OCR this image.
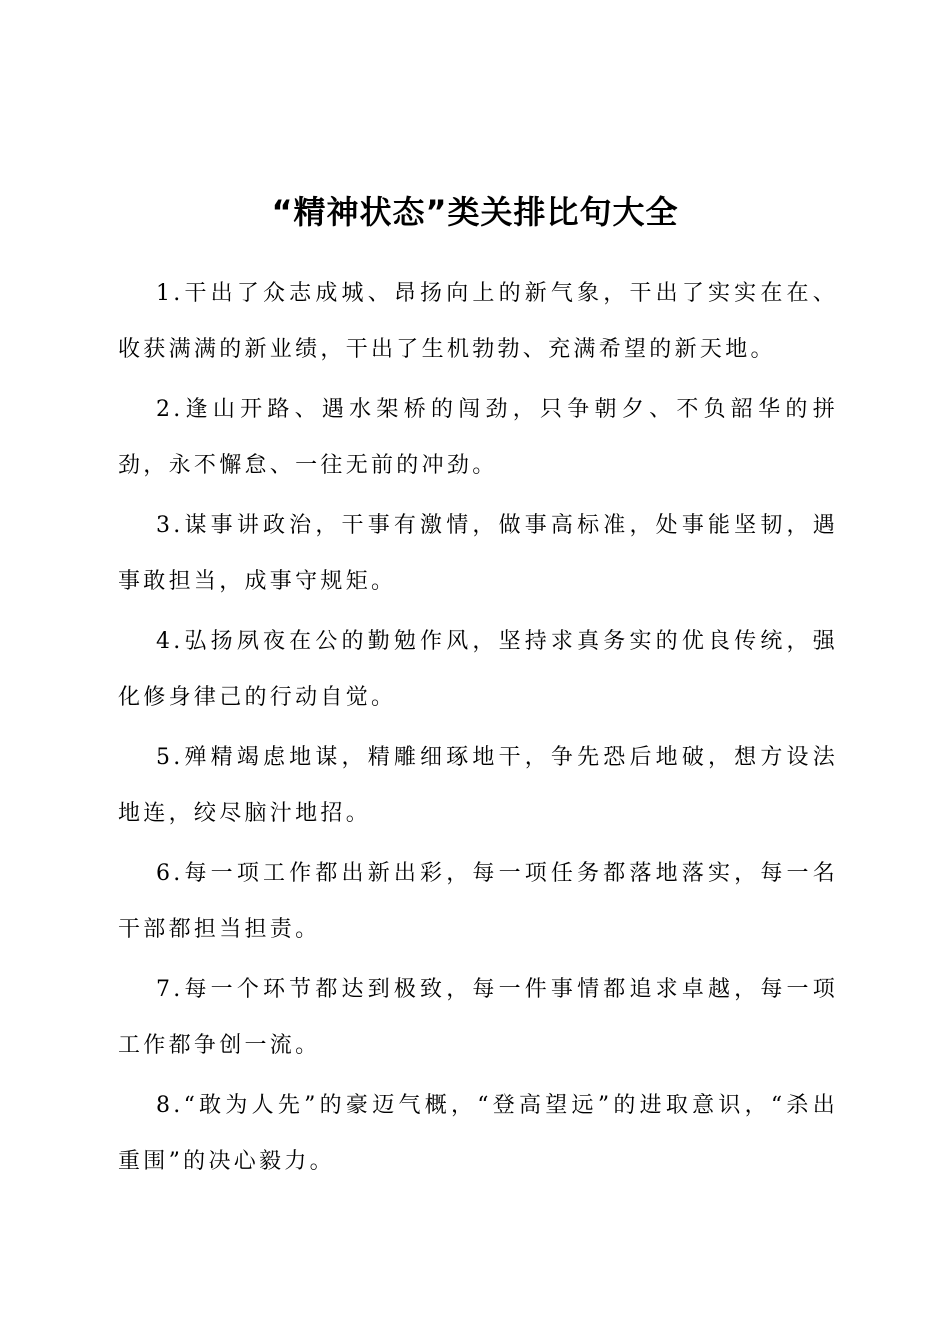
“精神状态”类关排比句大全

1.干出了众志成城、昂扬向上的新气象，干出了实实在在、收获满满的新业绩，干出了生机勃勃、充满希望的新天地。

2.逢山开路、遇水架桥的闯劲，只争朝夕、不负韶华的拼劲，永不懈怠、一往无前的冲劲。

3.谋事讲政治，干事有激情，做事高标准，处事能坚韧，遇事敢担当，成事守规矩。

4.弘扬夙夜在公的勤勉作风，坚持求真务实的优良传统，强化修身律己的行动自觉。

5.殚精竭虑地谋，精雕细琢地干，争先恐后地破，想方设法地连，绞尽脑汁地招。

6.每一项工作都出新出彩，每一项任务都落地落实，每一名干部都担当担责。

7.每一个环节都达到极致，每一件事情都追求卓越，每一项工作都争创一流。

8.“敢为人先”的豪迈气概，“登高望远”的进取意识，“杀出重围”的决心毅力。
